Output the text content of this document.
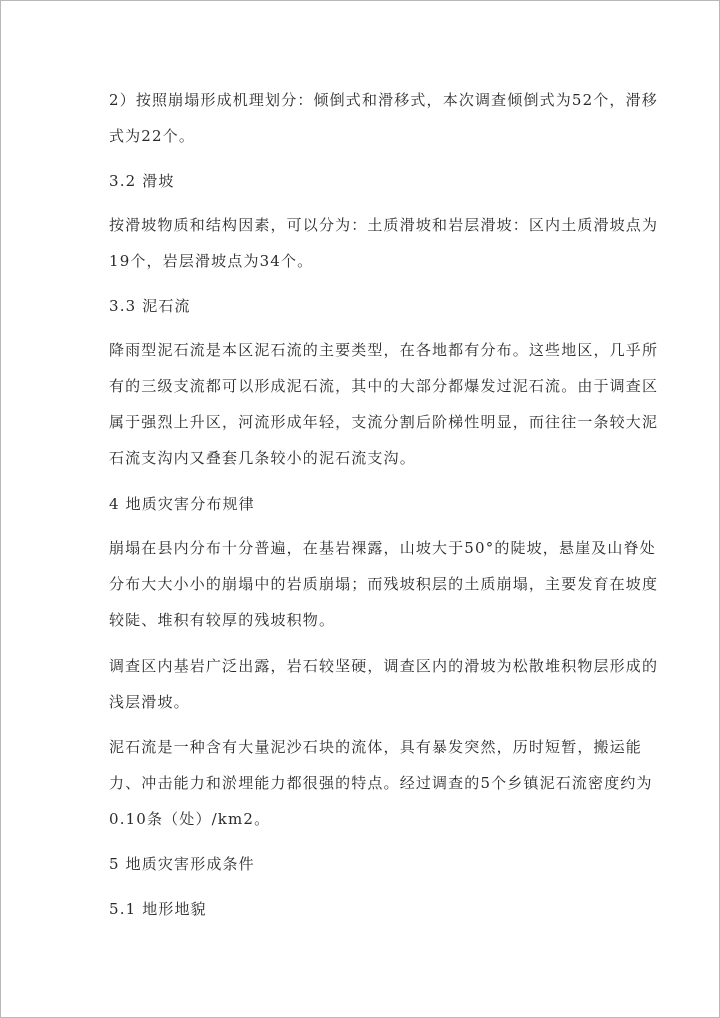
2）按照崩塌形成机理划分：倾倒式和滑移式，本次调查倾倒式为52个，滑移
式为22个。
3.2 滑坡
按滑坡物质和结构因素，可以分为：土质滑坡和岩层滑坡：区内土质滑坡点为
19个，岩层滑坡点为34个。
3.3 泥石流
降雨型泥石流是本区泥石流的主要类型，在各地都有分布。这些地区，几乎所
有的三级支流都可以形成泥石流，其中的大部分都爆发过泥石流。由于调查区
属于强烈上升区，河流形成年轻，支流分割后阶梯性明显，而往往一条较大泥
石流支沟内又叠套几条较小的泥石流支沟。
4 地质灾害分布规律
崩塌在县内分布十分普遍，在基岩裸露，山坡大于50°的陡坡，悬崖及山脊处
分布大大小小的崩塌中的岩质崩塌；而残坡积层的土质崩塌，主要发育在坡度
较陡、堆积有较厚的残坡积物。
调查区内基岩广泛出露，岩石较坚硬，调查区内的滑坡为松散堆积物层形成的
浅层滑坡。
泥石流是一种含有大量泥沙石块的流体，具有暴发突然，历时短暂，搬运能
力、冲击能力和淤埋能力都很强的特点。经过调查的5个乡镇泥石流密度约为
0.10条（处）/km2。
5 地质灾害形成条件
5.1 地形地貌
